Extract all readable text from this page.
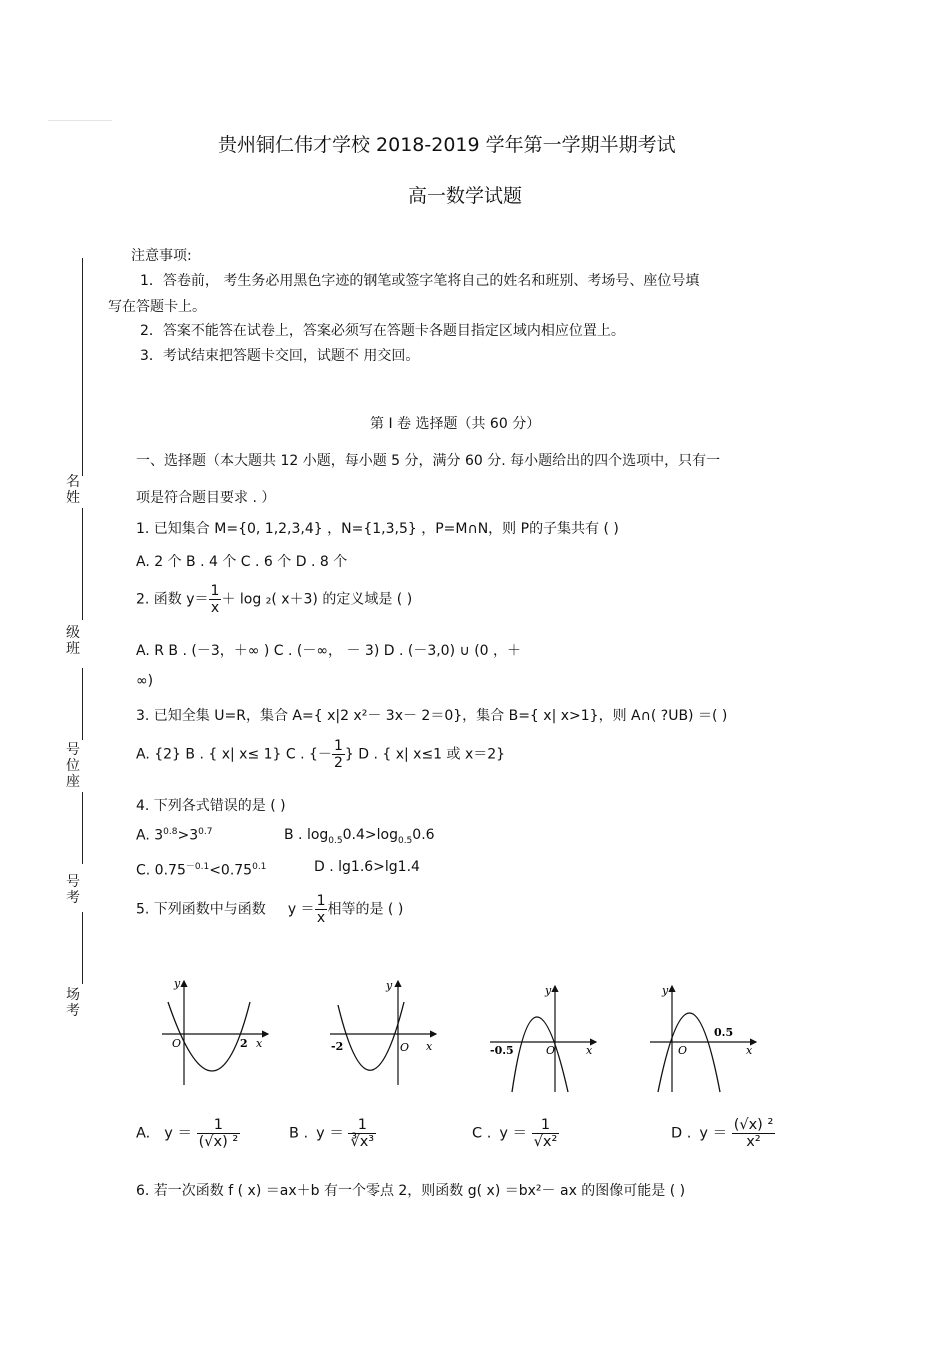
贵州铜仁伟才学校 2018-2019 学年第一学期半期考试
高一数学试题
名
姓
级
班
号
位
座
号
考
场
考
注意事项:
1．答卷前， 考生务必用黑色字迹的钢笔或签字笔将自己的姓名和班别、考场号、座位号填
写在答题卡上。
2．答案不能答在试卷上，答案必须写在答题卡各题目指定区域内相应位置上。
3．考试结束把答题卡交回，试题不 用交回。
第 I 卷 选择题（共 60 分）
一、选择题（本大题共 12 小题，每小题 5 分，满分 60 分. 每小题给出的四个选项中，只有一
项是符合题目要求 . ）
1. 已知集合 M={0, 1,2,3,4} ，N={1,3,5} ，P=M∩N，则 P的子集共有 ( )
A. 2 个 B . 4 个 C . 6 个 D . 8 个
2. 函数 $y= \frac{1}{x} + \log _2$( x＋3) 的定义域是 ( )
A. R B . (－3，＋∞ ) C . (－∞， － 3) D . (－3,0) ∪ (0 ，＋
∞)
3. 已知全集 U=R，集合 A={ x|2 x²－ 3x－ 2＝0}，集合 B={ x| x>1}，则 A∩( ?UB) ＝( )
A. {2} B . { x| x≤ 1} C . {－ $\frac{1}{2}$ } D . { x| x≤1 或 x＝2}
4. 下列各式错误的是 ( )
A. $3^{0.8}>3^{0.7}$	B . $\log_{0.5}0.4>\log_{0.5}0.6$
C. $0.75^{-0.1}<0.75^{0.1}$	D . lg1.6>lg1.4
5. 下列函数中与函数 $y = \frac{1}{x}$ 相等的是 ( )
y
O	x
2
y
O x
-2
y
O	x
-0.5
y
O	x
0.5
A. $y = \frac{1}{\text{(√x) ²}}$	B . $y = \frac{1}{\text{∛x³}}$	C . $y = \frac{1}{\text{√x²}}$	D . $y = \frac{\text{(√x) ²}}{\text{x²}}$
6. 若一次函数 f ( x) ＝ax＋b 有一个零点 2，则函数 g( x) ＝bx²－ ax 的图像可能是 ( )
